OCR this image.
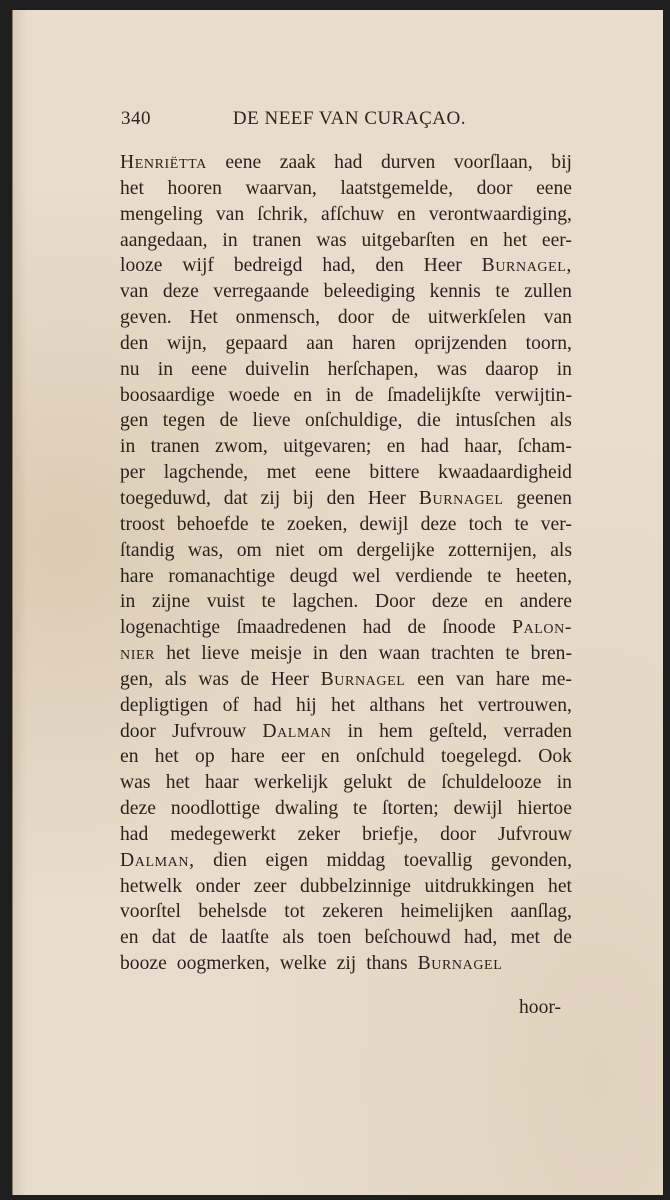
340	DE NEEF VAN CURAÇAO.
Henriëtta eene zaak had durven voorſlaan, bij
het hooren waarvan, laatstgemelde, door eene
mengeling van ſchrik, afſchuw en verontwaardiging,
aangedaan, in tranen was uitgebarſten en het eer-
looze wijf bedreigd had, den Heer Burnagel,
van deze verregaande beleediging kennis te zullen
geven. Het onmensch, door de uitwerkſelen van
den wijn, gepaard aan haren oprijzenden toorn,
nu in eene duivelin herſchapen, was daarop in
boosaardige woede en in de ſmadelijkſte verwijtin-
gen tegen de lieve onſchuldige, die intusſchen als
in tranen zwom, uitgevaren; en had haar, ſcham-
per lagchende, met eene bittere kwaadaardigheid
toegeduwd, dat zij bij den Heer Burnagel geenen
troost behoefde te zoeken, dewijl deze toch te ver-
ſtandig was, om niet om dergelijke zotternijen, als
hare romanachtige deugd wel verdiende te heeten,
in zijne vuist te lagchen. Door deze en andere
logenachtige ſmaadredenen had de ſnoode Palon-
nier het lieve meisje in den waan trachten te bren-
gen, als was de Heer Burnagel een van hare me-
depligtigen of had hij het althans het vertrouwen,
door Jufvrouw Dalman in hem geſteld, verraden
en het op hare eer en onſchuld toegelegd. Ook
was het haar werkelijk gelukt de ſchuldelooze in
deze noodlottige dwaling te ſtorten; dewijl hiertoe
had medegewerkt zeker briefje, door Jufvrouw
Dalman, dien eigen middag toevallig gevonden,
hetwelk onder zeer dubbelzinnige uitdrukkingen het
voorſtel behelsde tot zekeren heimelijken aanſlag,
en dat de laatſte als toen beſchouwd had, met de
booze oogmerken, welke zij thans Burnagel
hoor-
